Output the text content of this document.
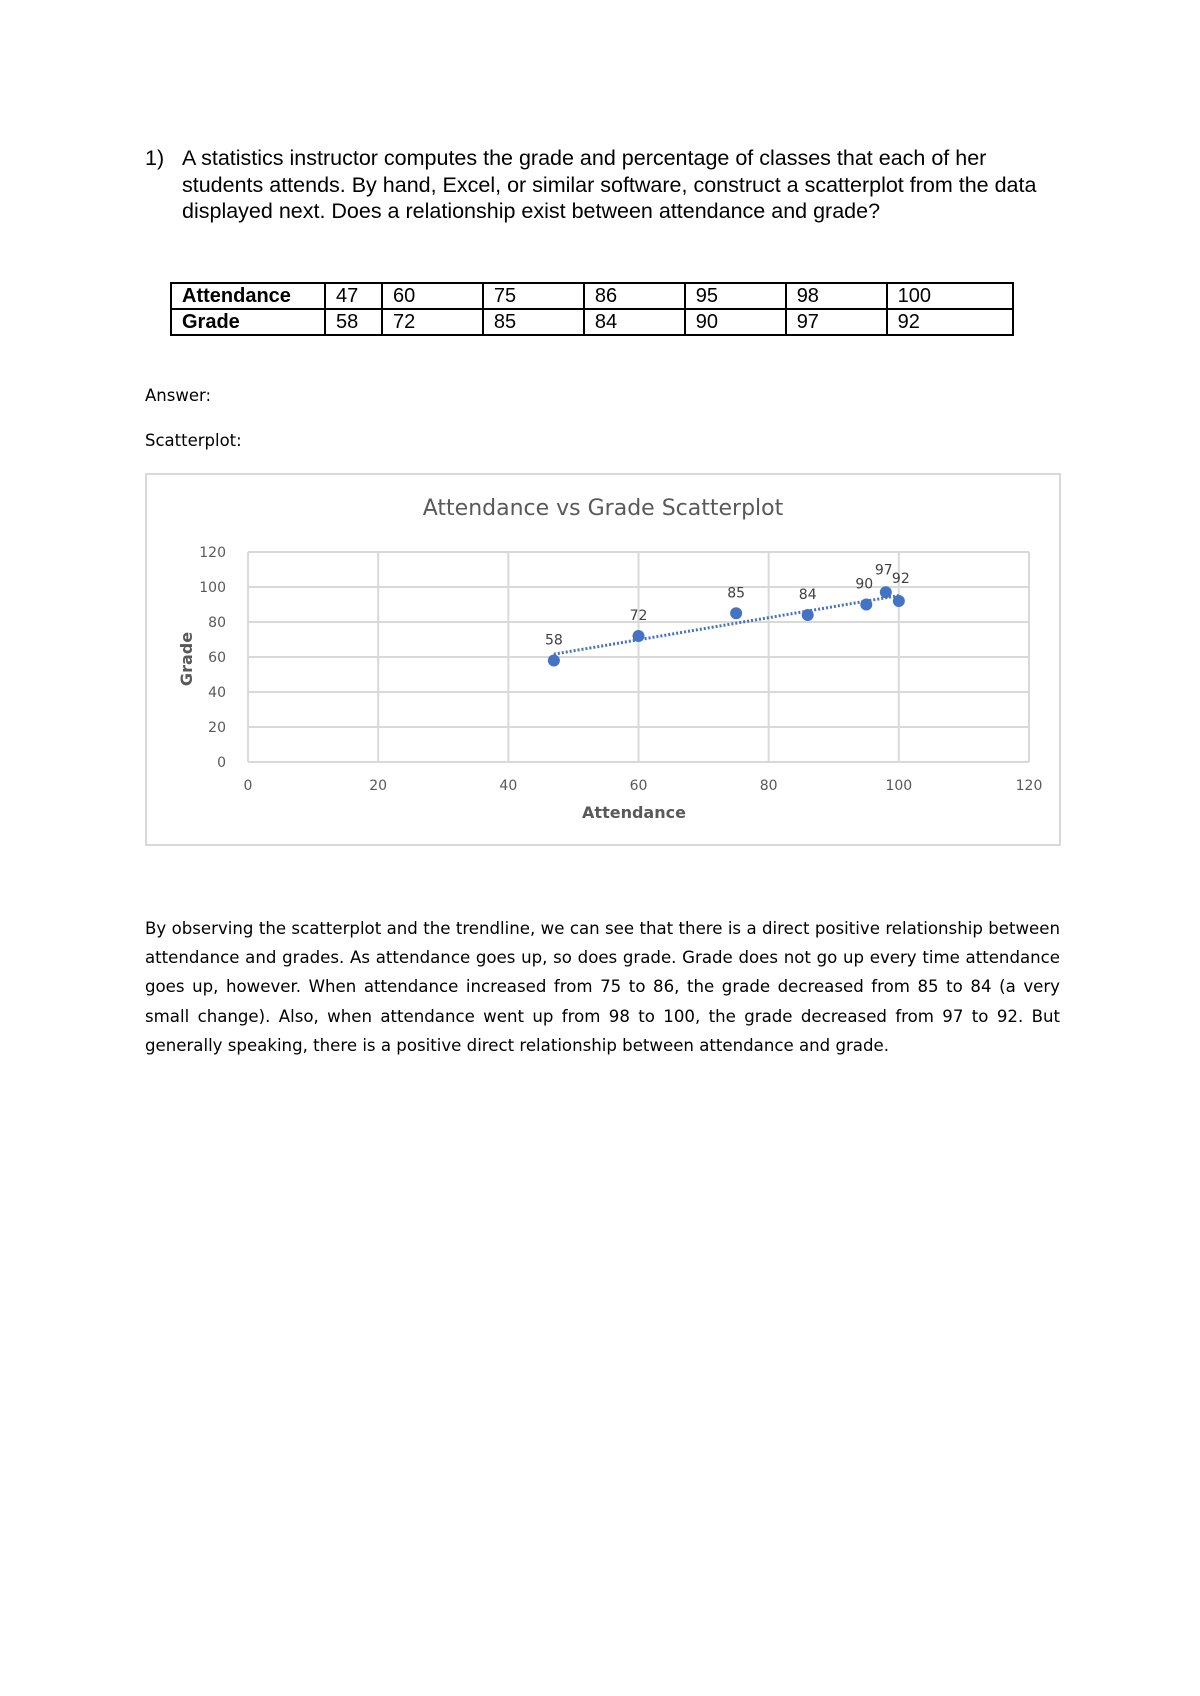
1) A statistics instructor computes the grade and percentage of classes that each of her students attends. By hand, Excel, or similar software, construct a scatterplot from the data displayed next. Does a relationship exist between attendance and grade?
Attendance	47	60	75	86	95	98	100
Grade	58	72	85	84	90	97	92
Answer:
Scatterplot:
Attendance vs Grade Scatterplot
0
20
40
60
80
100
120
0	20	40	60	80	100	120
58
72
85	84
90
97
92
Attendance
Grade
By observing the scatterplot and the trendline, we can see that there is a direct positive relationship between attendance and grades. As attendance goes up, so does grade. Grade does not go up every time attendance goes up, however. When attendance increased from 75 to 86, the grade decreased from 85 to 84 (a very small change). Also, when attendance went up from 98 to 100, the grade decreased from 97 to 92. But generally speaking, there is a positive direct relationship between attendance and grade.
